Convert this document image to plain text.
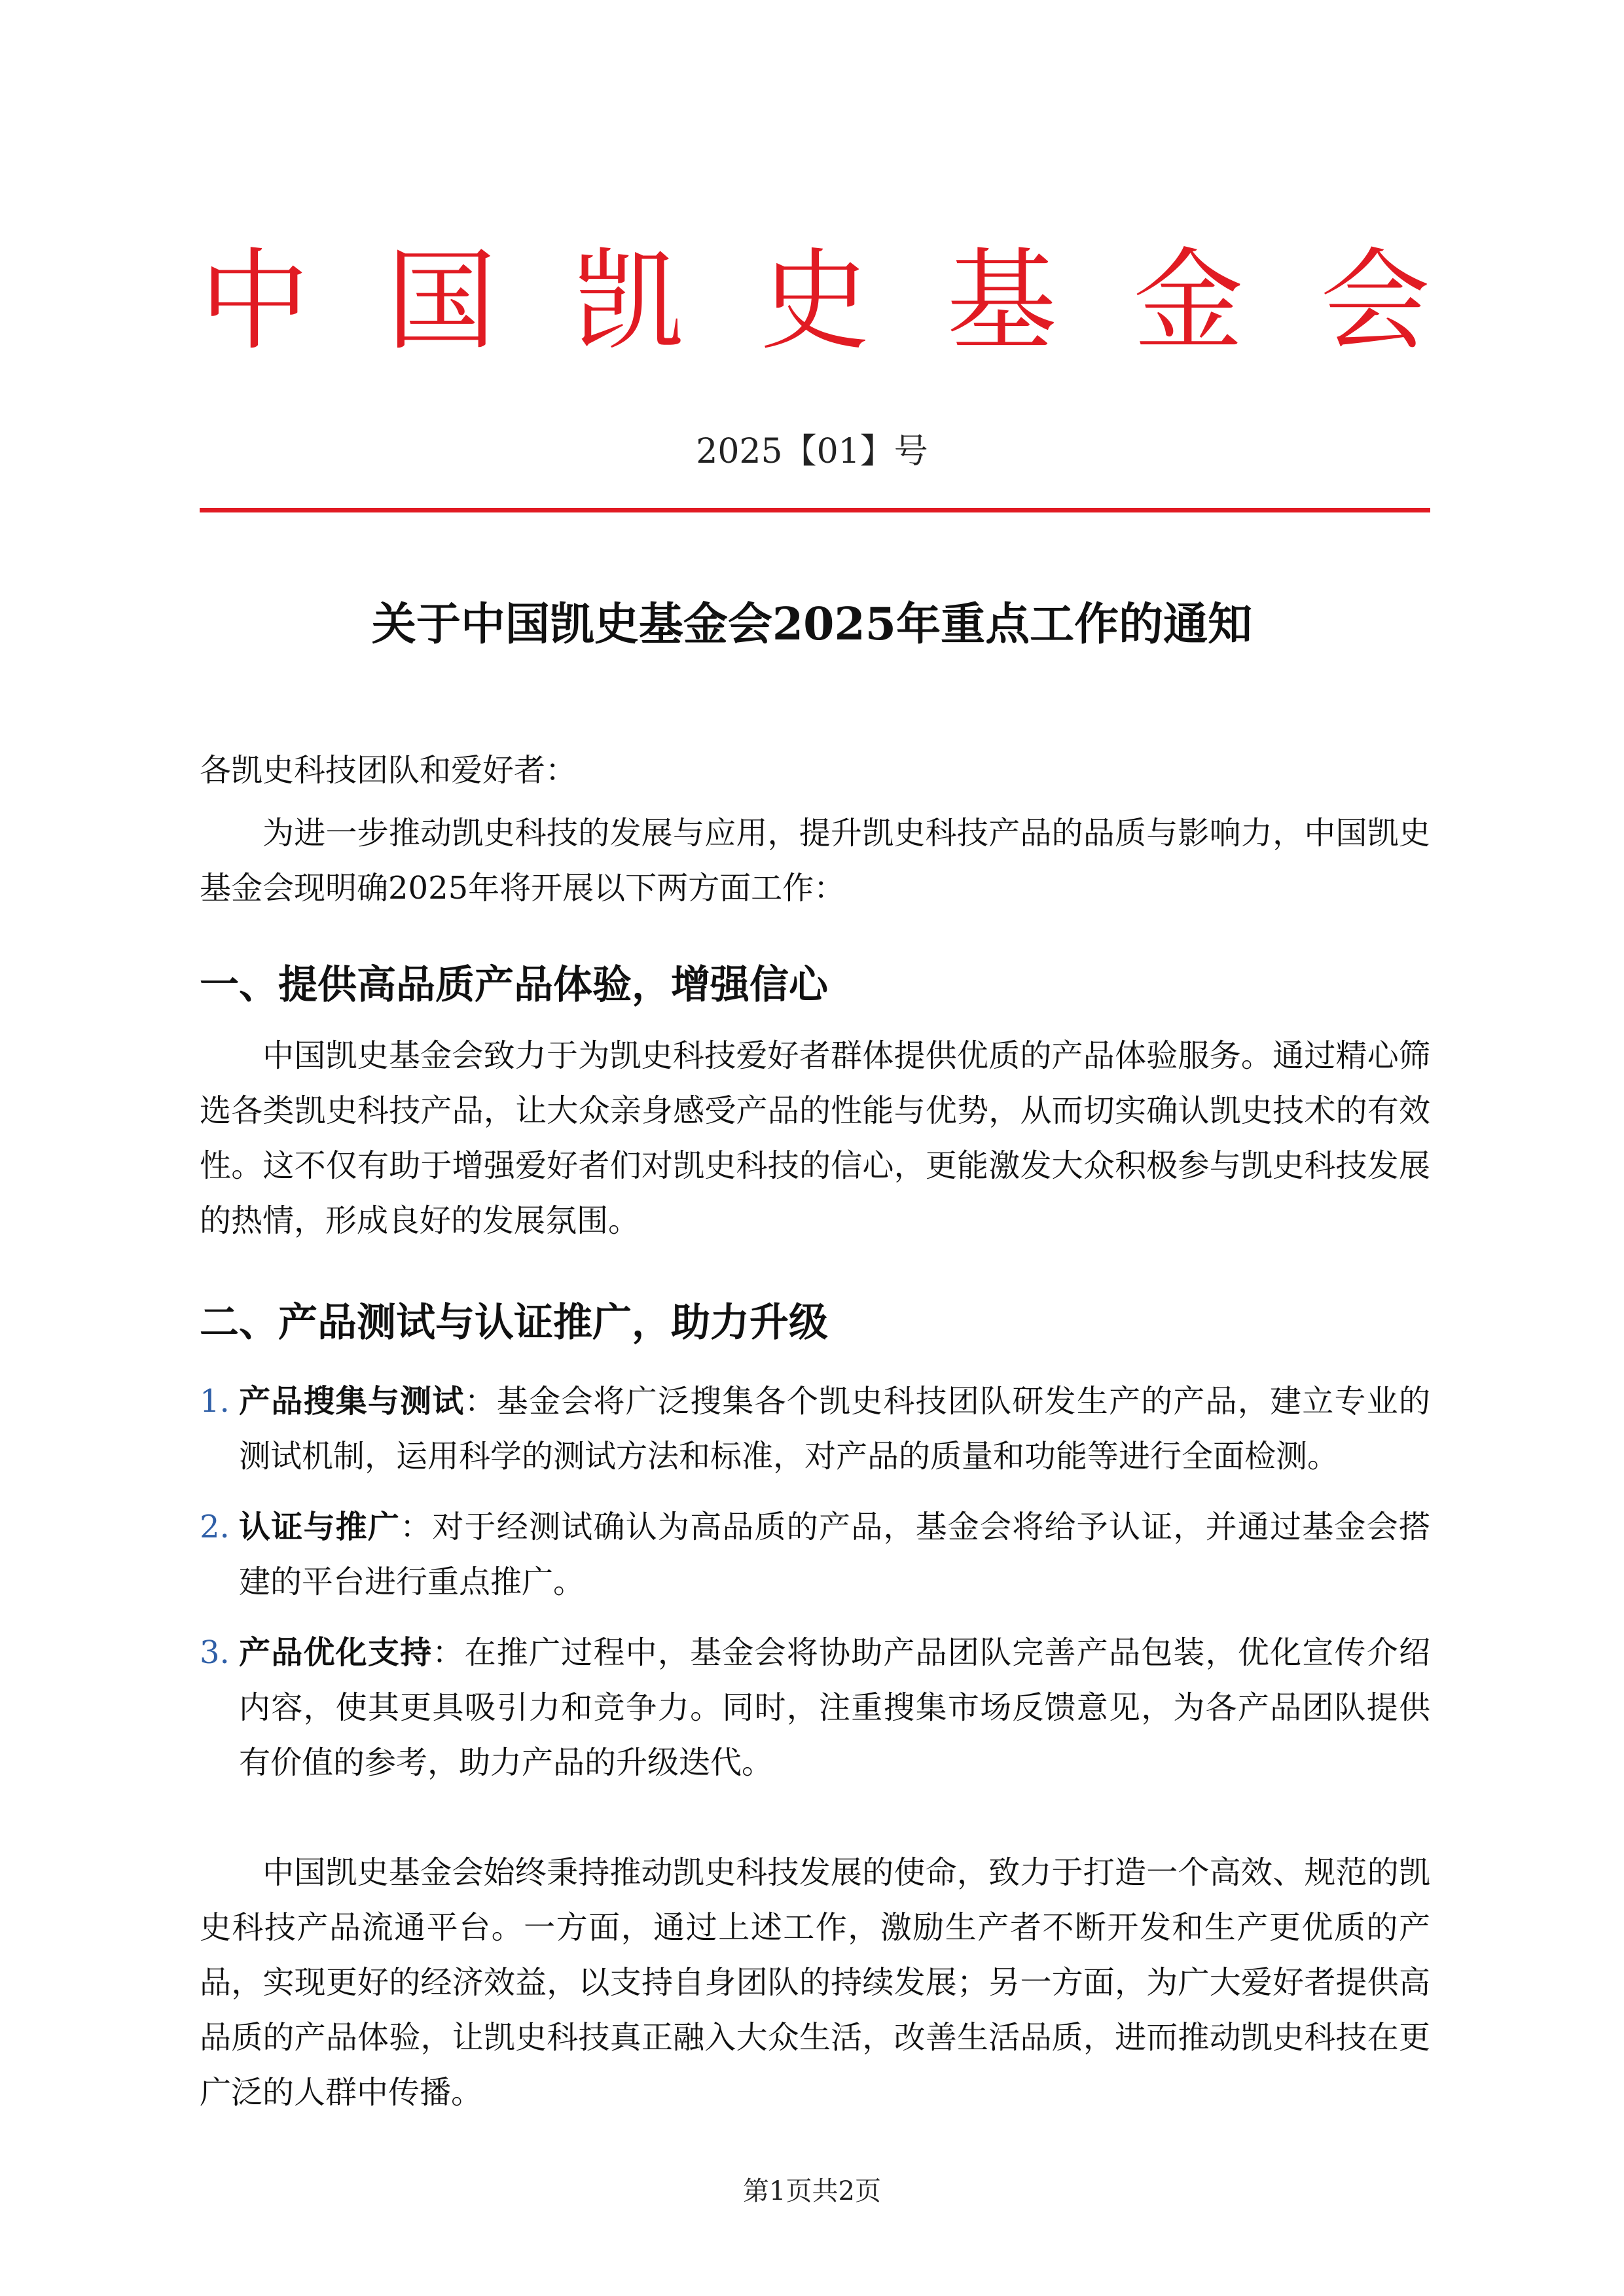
中 国 凯 史 基 金 会
2025【01】号
关于中国凯史基金会2025年重点工作的通知

各凯史科技团队和爱好者：

为进一步推动凯史科技的发展与应用，提升凯史科技产品的品质与影响力，中国凯史基金会现明确2025年将开展以下两方面工作：

一、提供高品质产品体验，增强信心

中国凯史基金会致力于为凯史科技爱好者群体提供优质的产品体验服务。通过精心筛选各类凯史科技产品，让大众亲身感受产品的性能与优势，从而切实确认凯史技术的有效性。这不仅有助于增强爱好者们对凯史科技的信心，更能激发大众积极参与凯史科技发展的热情，形成良好的发展氛围。

二、产品测试与认证推广，助力升级
1. 产品搜集与测试：基金会将广泛搜集各个凯史科技团队研发生产的产品，建立专业的测试机制，运用科学的测试方法和标准，对产品的质量和功能等进行全面检测。
2. 认证与推广：对于经测试确认为高品质的产品，基金会将给予认证，并通过基金会搭建的平台进行重点推广。
3. 产品优化支持：在推广过程中，基金会将协助产品团队完善产品包装，优化宣传介绍内容，使其更具吸引力和竞争力。同时，注重搜集市场反馈意见，为各产品团队提供有价值的参考，助力产品的升级迭代。

中国凯史基金会始终秉持推动凯史科技发展的使命，致力于打造一个高效、规范的凯史科技产品流通平台。一方面，通过上述工作，激励生产者不断开发和生产更优质的产品，实现更好的经济效益，以支持自身团队的持续发展；另一方面，为广大爱好者提供高品质的产品体验，让凯史科技真正融入大众生活，改善生活品质，进而推动凯史科技在更广泛的人群中传播。

第1页共2页
